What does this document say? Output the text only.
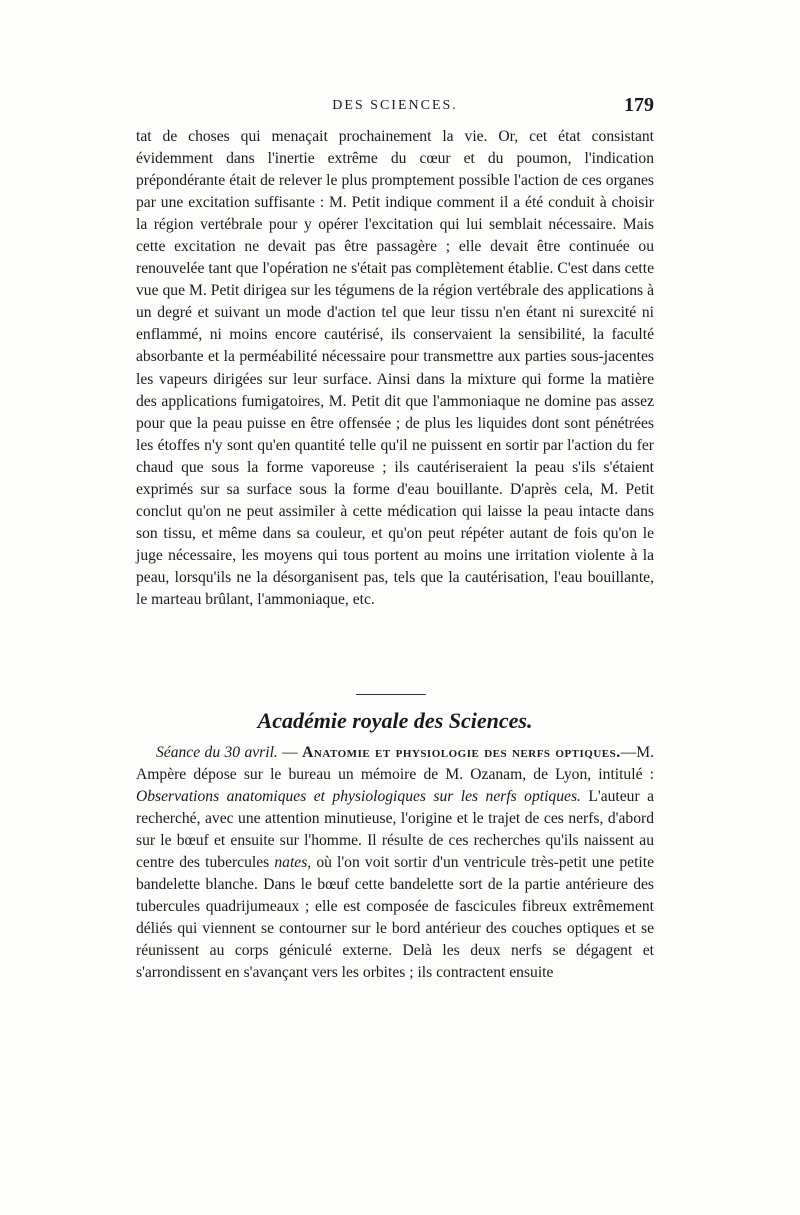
DES SCIENCES.	179

tat de choses qui menaçait prochainement la vie. Or, cet état consistant évidemment dans l'inertie extrême du cœur et du poumon, l'indication prépondérante était de relever le plus promptement possible l'action de ces organes par une excitation suffisante : M. Petit indique comment il a été conduit à choisir la région vertébrale pour y opérer l'excitation qui lui semblait nécessaire. Mais cette excitation ne devait pas être passagère ; elle devait être continuée ou renouvelée tant que l'opération ne s'était pas complètement établie. C'est dans cette vue que M. Petit dirigea sur les tégumens de la région vertébrale des applications à un degré et suivant un mode d'action tel que leur tissu n'en étant ni surexcité ni enflammé, ni moins encore cautérisé, ils conservaient la sensibilité, la faculté absorbante et la perméabilité nécessaire pour transmettre aux parties sous-jacentes les vapeurs dirigées sur leur surface. Ainsi dans la mixture qui forme la matière des applications fumigatoires, M. Petit dit que l'ammoniaque ne domine pas assez pour que la peau puisse en être offensée ; de plus les liquides dont sont pénétrées les étoffes n'y sont qu'en quantité telle qu'il ne puissent en sortir par l'action du fer chaud que sous la forme vaporeuse ; ils cautériseraient la peau s'ils s'étaient exprimés sur sa surface sous la forme d'eau bouillante. D'après cela, M. Petit conclut qu'on ne peut assimiler à cette médication qui laisse la peau intacte dans son tissu, et même dans sa couleur, et qu'on peut répéter autant de fois qu'on le juge nécessaire, les moyens qui tous portent au moins une irritation violente à la peau, lorsqu'ils ne la désorganisent pas, tels que la cautérisation, l'eau bouillante, le marteau brûlant, l'ammoniaque, etc.

Académie royale des Sciences.

Séance du 30 avril. — Anatomie et physiologie des nerfs optiques.—M. Ampère dépose sur le bureau un mémoire de M. Ozanam, de Lyon, intitulé : Observations anatomiques et physiologiques sur les nerfs optiques. L'auteur a recherché, avec une attention minutieuse, l'origine et le trajet de ces nerfs, d'abord sur le bœuf et ensuite sur l'homme. Il résulte de ces recherches qu'ils naissent au centre des tubercules nates, où l'on voit sortir d'un ventricule très-petit une petite bandelette blanche. Dans le bœuf cette bandelette sort de la partie antérieure des tubercules quadrijumeaux ; elle est composée de fascicules fibreux extrêmement déliés qui viennent se contourner sur le bord antérieur des couches optiques et se réunissent au corps géniculé externe. Delà les deux nerfs se dégagent et s'arrondissent en s'avançant vers les orbites ; ils contractent ensuite
